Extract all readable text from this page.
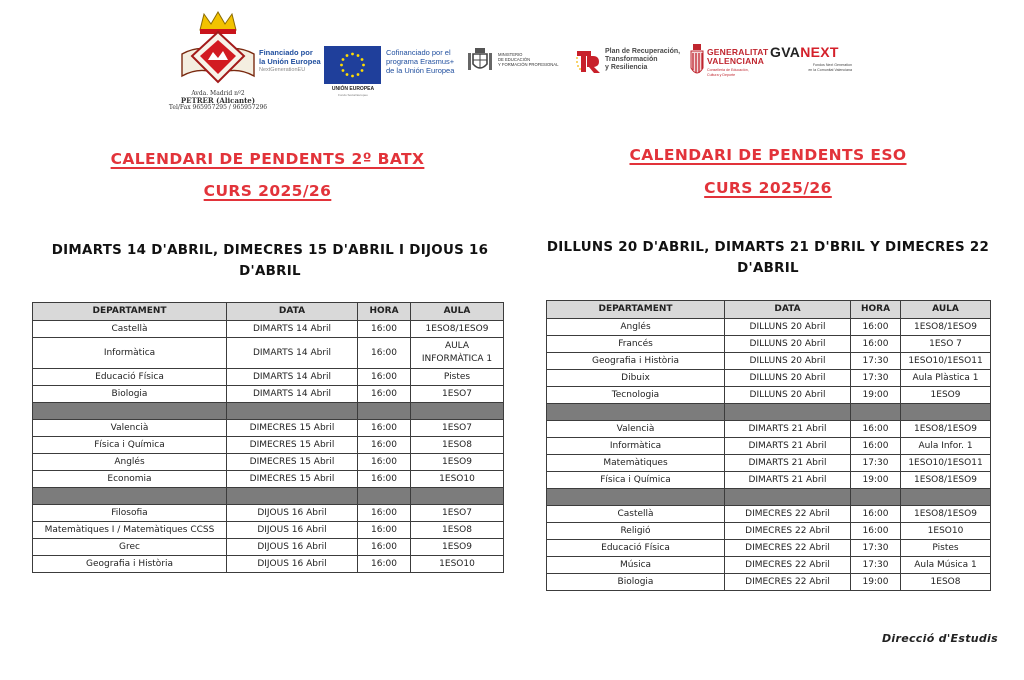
Avda. Madrid nº2
PETRER (Alicante)
Tel/Fax 965957295 / 965957296
Financiado por
la Unión Europea
NextGenerationEU
UNIÓN EUROPEA
Fondo Social Europeo
Cofinanciado por el
programa Erasmus+
de la Unión Europea
MINISTERIO
DE EDUCACIÓN
Y FORMACIÓN PROFESIONAL
Plan de Recuperación,
Transformación
y Resiliencia
GENERALITAT
VALENCIANA
Conselleria de Educación,
Cultura y Deporte
GVANEXT
Fondos Next Generation
en la Comunitat Valenciana
CALENDARI DE PENDENTS 2º BATX
CURS 2025/26
DIMARTS 14 D'ABRIL, DIMECRES 15 D'ABRIL I DIJOUS 16 D'ABRIL
DEPARTAMENT	DATA	HORA	AULA
Castellà	DIMARTS 14 Abril	16:00	1ESO8/1ESO9
Informàtica	DIMARTS 14 Abril	16:00	AULA INFORMÀTICA 1
Educació Física	DIMARTS 14 Abril	16:00	Pistes
Biologia	DIMARTS 14 Abril	16:00	1ESO7

Valencià	DIMECRES 15 Abril	16:00	1ESO7
Física i Química	DIMECRES 15 Abril	16:00	1ESO8
Anglés	DIMECRES 15 Abril	16:00	1ESO9
Economia	DIMECRES 15 Abril	16:00	1ESO10

Filosofia	DIJOUS 16 Abril	16:00	1ESO7
Matemàtiques I / Matemàtiques CCSS	DIJOUS 16 Abril	16:00	1ESO8
Grec	DIJOUS 16 Abril	16:00	1ESO9
Geografia i Història	DIJOUS 16 Abril	16:00	1ESO10
CALENDARI DE PENDENTS ESO
CURS 2025/26
DILLUNS 20 D'ABRIL, DIMARTS 21 D'BRIL Y DIMECRES 22 D'ABRIL
DEPARTAMENT	DATA	HORA	AULA
Anglés	DILLUNS 20 Abril	16:00	1ESO8/1ESO9
Francés	DILLUNS 20 Abril	16:00	1ESO 7
Geografia i Història	DILLUNS 20 Abril	17:30	1ESO10/1ESO11
Dibuix	DILLUNS 20 Abril	17:30	Aula Plàstica 1
Tecnologia	DILLUNS 20 Abril	19:00	1ESO9

Valencià	DIMARTS 21 Abril	16:00	1ESO8/1ESO9
Informàtica	DIMARTS 21 Abril	16:00	Aula Infor. 1
Matemàtiques	DIMARTS 21 Abril	17:30	1ESO10/1ESO11
Física i Química	DIMARTS 21 Abril	19:00	1ESO8/1ESO9

Castellà	DIMECRES 22 Abril	16:00	1ESO8/1ESO9
Religió	DIMECRES 22 Abril	16:00	1ESO10
Educació Física	DIMECRES 22 Abril	17:30	Pistes
Música	DIMECRES 22 Abril	17:30	Aula Música 1
Biologia	DIMECRES 22 Abril	19:00	1ESO8
Direcció d'Estudis
